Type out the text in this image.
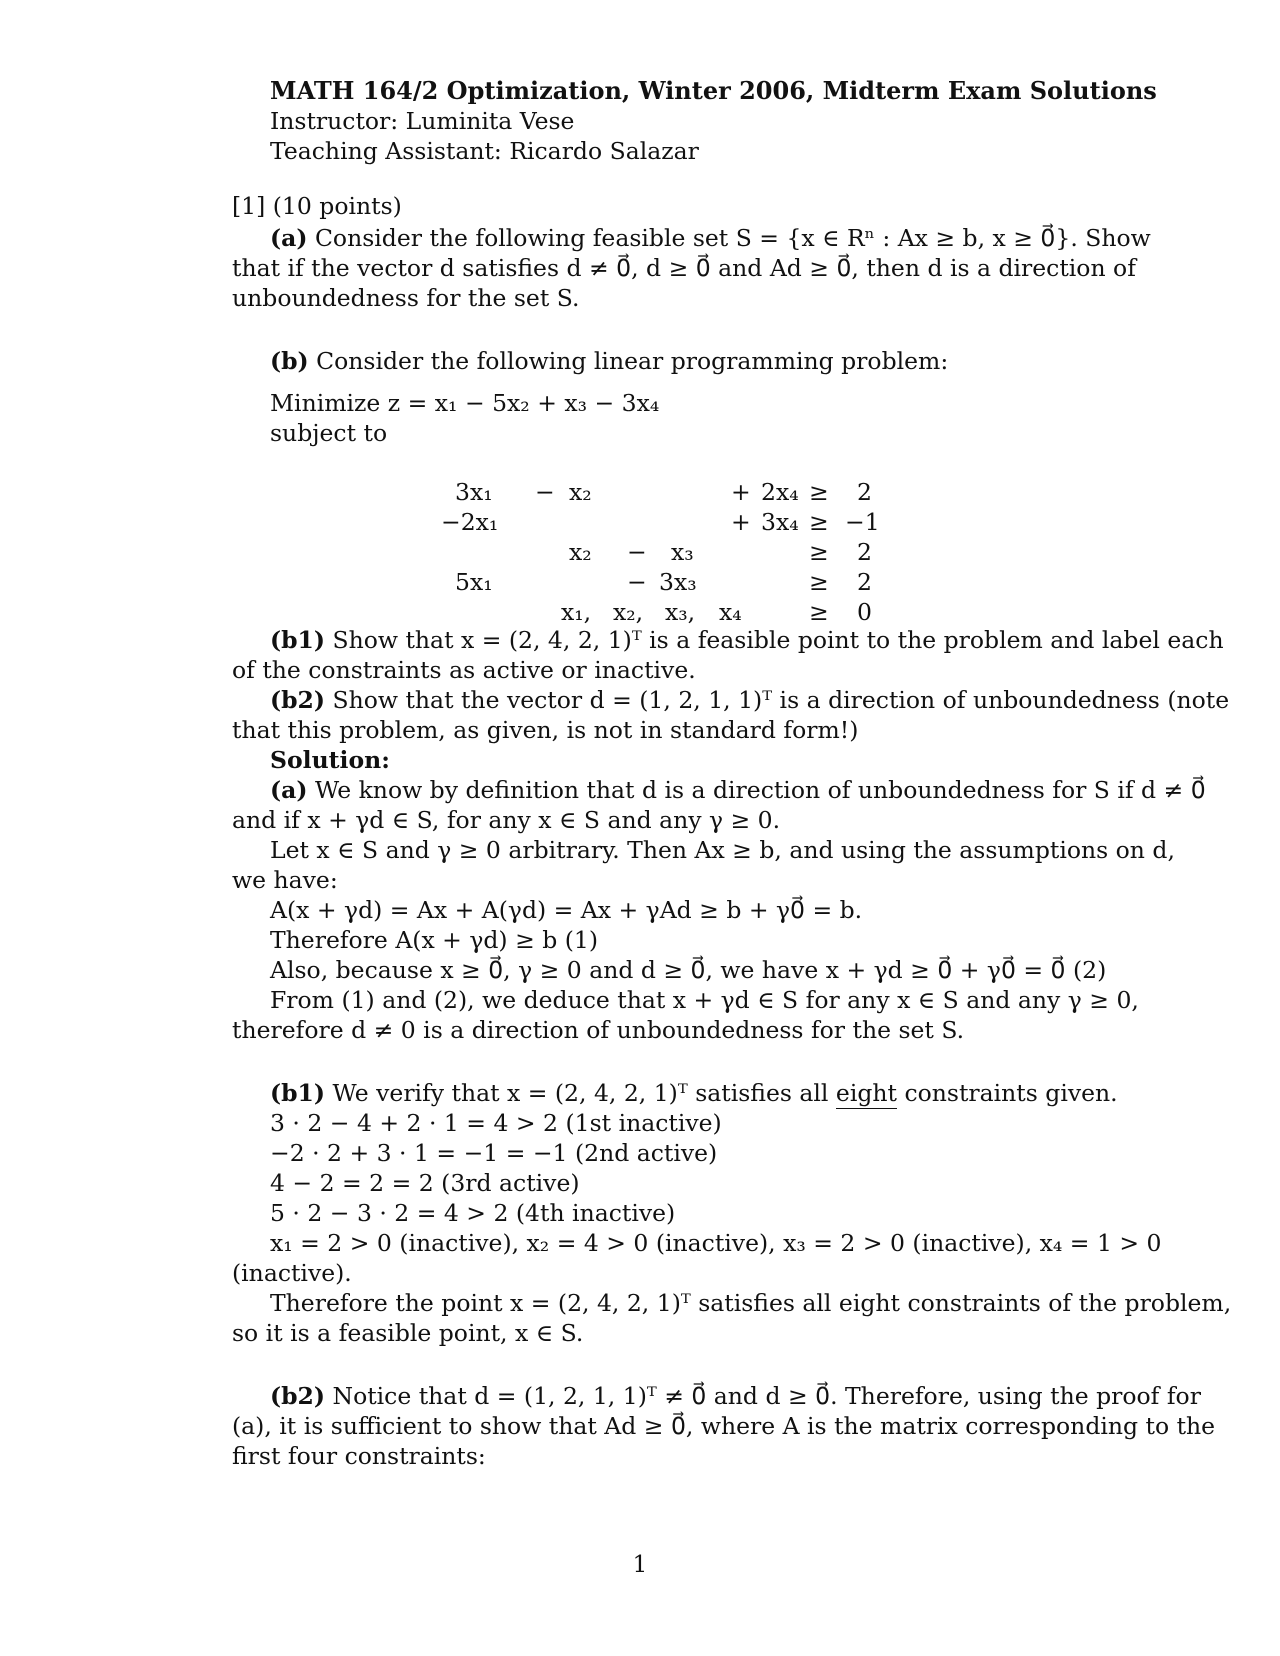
MATH 164/2 Optimization, Winter 2006, Midterm Exam Solutions
Instructor: Luminita Vese
Teaching Assistant: Ricardo Salazar
[1] (10 points)
(a) Consider the following feasible set S = {x ∈ Rⁿ : Ax ≥ b, x ≥ 0⃗}. Show
that if the vector d satisfies d ≠ 0⃗, d ≥ 0⃗ and Ad ≥ 0⃗, then d is a direction of
unboundedness for the set S.
(b) Consider the following linear programming problem:
Minimize z = x₁ − 5x₂ + x₃ − 3x₄
subject to
3x₁ − x₂	+ 2x₄ ≥ 2
−2x₁	+ 3x₄ ≥ −1
x₂ − x₃	≥ 2
5x₁	− 3x₃	≥ 2
x₁, x₂, x₃, x₄	≥ 0
(b1) Show that x = (2, 4, 2, 1)ᵀ is a feasible point to the problem and label each
of the constraints as active or inactive.
(b2) Show that the vector d = (1, 2, 1, 1)ᵀ is a direction of unboundedness (note
that this problem, as given, is not in standard form!)
Solution:
(a) We know by definition that d is a direction of unboundedness for S if d ≠ 0⃗
and if x + γd ∈ S, for any x ∈ S and any γ ≥ 0.
Let x ∈ S and γ ≥ 0 arbitrary. Then Ax ≥ b, and using the assumptions on d,
we have:
A(x + γd) = Ax + A(γd) = Ax + γAd ≥ b + γ0⃗ = b.
Therefore A(x + γd) ≥ b (1)
Also, because x ≥ 0⃗, γ ≥ 0 and d ≥ 0⃗, we have x + γd ≥ 0⃗ + γ0⃗ = 0⃗ (2)
From (1) and (2), we deduce that x + γd ∈ S for any x ∈ S and any γ ≥ 0,
therefore d ≠ 0 is a direction of unboundedness for the set S.
(b1) We verify that x = (2, 4, 2, 1)ᵀ satisfies all eight constraints given.
3 · 2 − 4 + 2 · 1 = 4 > 2 (1st inactive)
−2 · 2 + 3 · 1 = −1 = −1 (2nd active)
4 − 2 = 2 = 2 (3rd active)
5 · 2 − 3 · 2 = 4 > 2 (4th inactive)
x₁ = 2 > 0 (inactive), x₂ = 4 > 0 (inactive), x₃ = 2 > 0 (inactive), x₄ = 1 > 0
(inactive).
Therefore the point x = (2, 4, 2, 1)ᵀ satisfies all eight constraints of the problem,
so it is a feasible point, x ∈ S.
(b2) Notice that d = (1, 2, 1, 1)ᵀ ≠ 0⃗ and d ≥ 0⃗. Therefore, using the proof for
(a), it is sufficient to show that Ad ≥ 0⃗, where A is the matrix corresponding to the
first four constraints:
1
